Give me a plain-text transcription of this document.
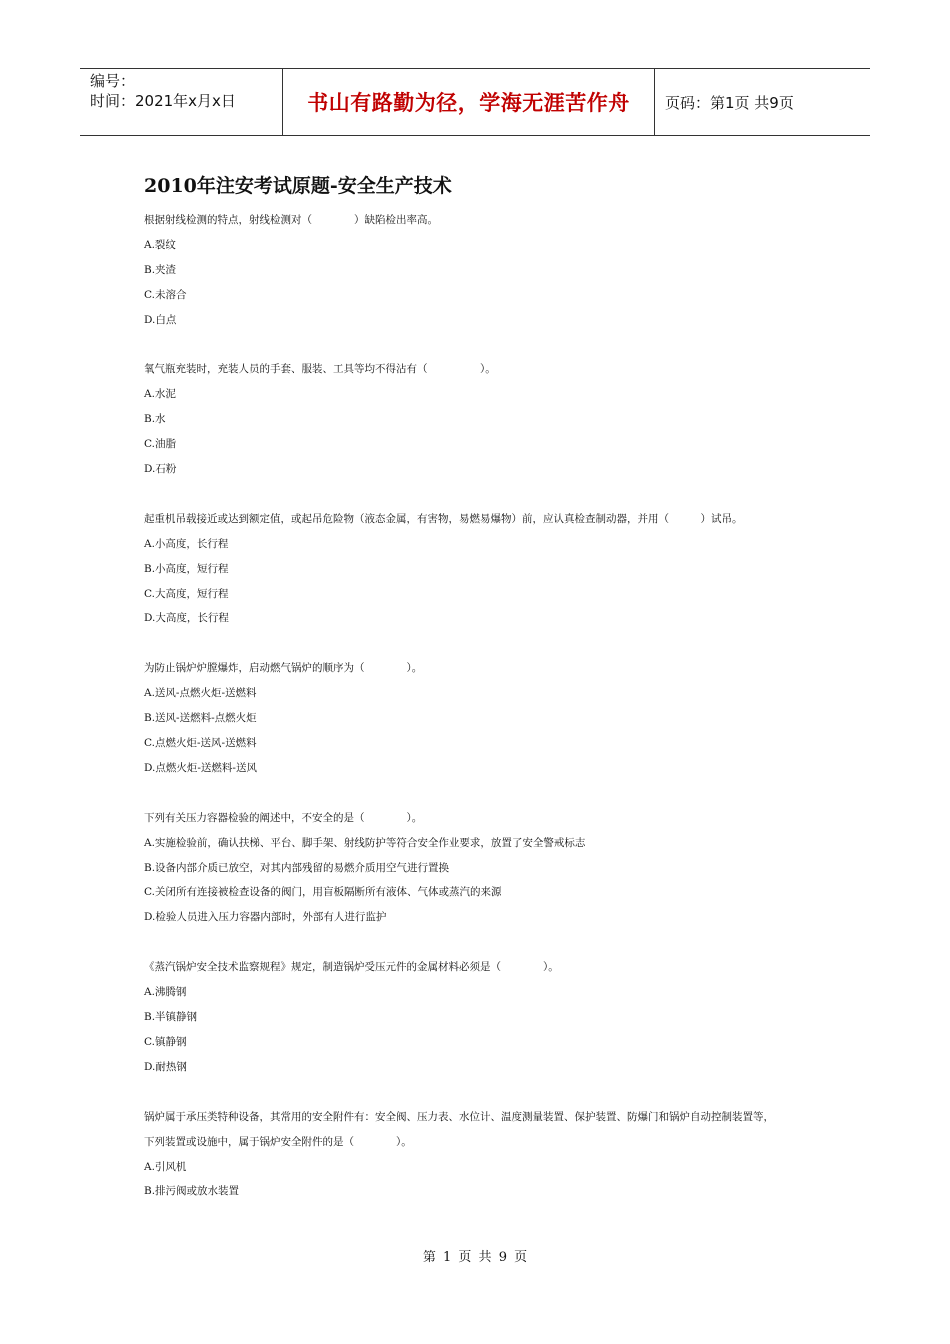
编号：
时间：2021年x月x日	书山有路勤为径，学海无涯苦作舟	页码：第1页 共9页
2010年注安考试原题-安全生产技术
根据射线检测的特点，射线检测对（　　　　）缺陷检出率高。
A.裂纹
B.夹渣
C.未溶合
D.白点
氧气瓶充装时，充装人员的手套、服装、工具等均不得沾有（　　　　　）。
A.水泥
B.水
C.油脂
D.石粉
起重机吊载接近或达到额定值，或起吊危险物（液态金属，有害物，易燃易爆物）前，应认真检查制动器，并用（　　　）试吊。
A.小高度，长行程
B.小高度，短行程
C.大高度，短行程
D.大高度，长行程
为防止锅炉炉膛爆炸，启动燃气锅炉的顺序为（　　　　）。
A.送风-点燃火炬-送燃料
B.送风-送燃料-点燃火炬
C.点燃火炬-送风-送燃料
D.点燃火炬-送燃料-送风
下列有关压力容器检验的阐述中，不安全的是（　　　　）。
A.实施检验前，确认扶梯、平台、脚手架、射线防护等符合安全作业要求，放置了安全警戒标志
B.设备内部介质已放空，对其内部残留的易燃介质用空气进行置换
C.关闭所有连接被检查设备的阀门，用盲板隔断所有液体、气体或蒸汽的来源
D.检验人员进入压力容器内部时，外部有人进行监护
《蒸汽锅炉安全技术监察规程》规定，制造锅炉受压元件的金属材料必须是（　　　　）。
A.沸腾钢
B.半镇静钢
C.镇静钢
D.耐热钢
锅炉属于承压类特种设备，其常用的安全附件有：安全阀、压力表、水位计、温度测量装置、保护装置、防爆门和锅炉自动控制装置等，
下列装置或设施中，属于锅炉安全附件的是（　　　　）。
A.引风机
B.排污阀或放水装置
第 1 页 共 9 页
